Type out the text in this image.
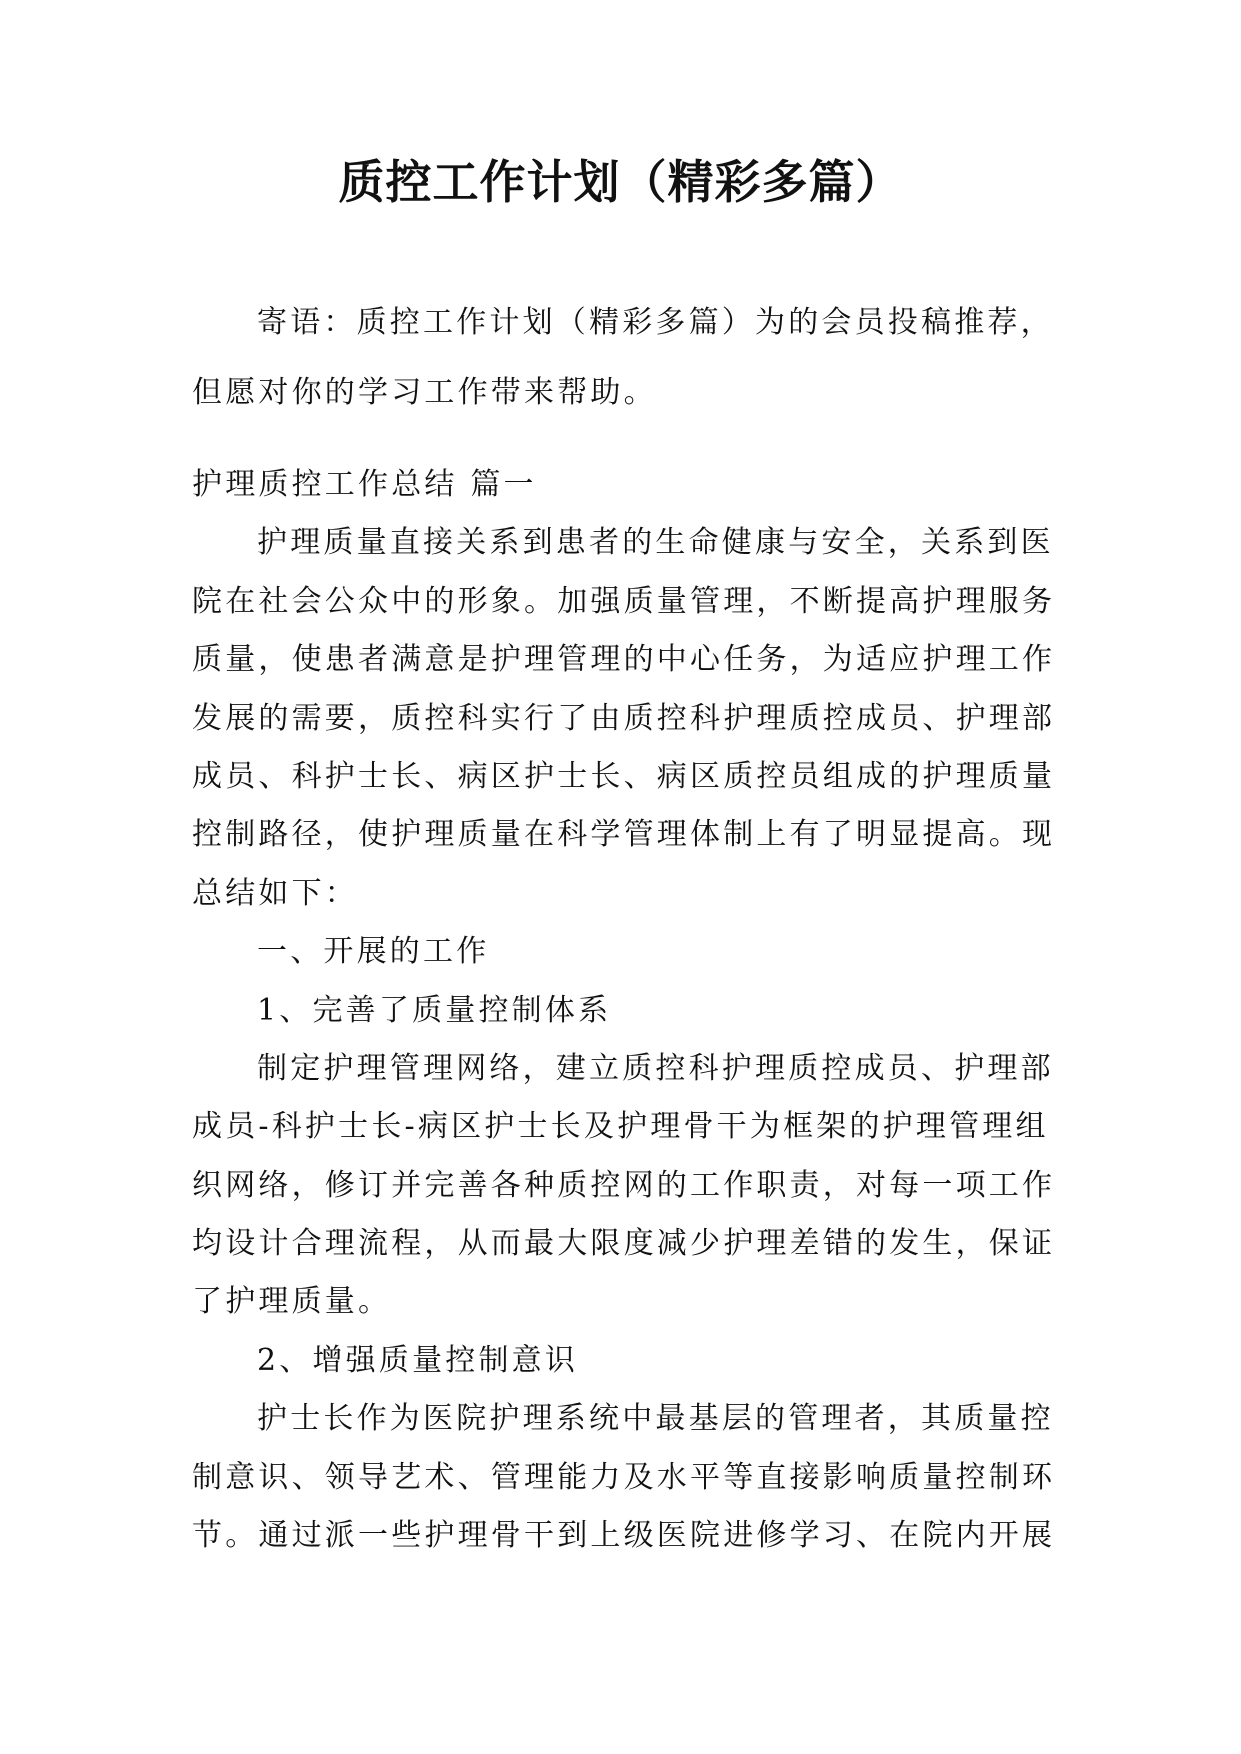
质控工作计划（精彩多篇）
寄语：质控工作计划（精彩多篇）为的会员投稿推荐，
但愿对你的学习工作带来帮助。
护理质控工作总结 篇一
护理质量直接关系到患者的生命健康与安全，关系到医
院在社会公众中的形象。加强质量管理，不断提高护理服务
质量，使患者满意是护理管理的中心任务，为适应护理工作
发展的需要，质控科实行了由质控科护理质控成员、护理部
成员、科护士长、病区护士长、病区质控员组成的护理质量
控制路径，使护理质量在科学管理体制上有了明显提高。现
总结如下：
一、开展的工作
1、完善了质量控制体系
制定护理管理网络，建立质控科护理质控成员、护理部
成员-科护士长-病区护士长及护理骨干为框架的护理管理组
织网络，修订并完善各种质控网的工作职责，对每一项工作
均设计合理流程，从而最大限度减少护理差错的发生，保证
了护理质量。
2、增强质量控制意识
护士长作为医院护理系统中最基层的管理者，其质量控
制意识、领导艺术、管理能力及水平等直接影响质量控制环
节。通过派一些护理骨干到上级医院进修学习、在院内开展
